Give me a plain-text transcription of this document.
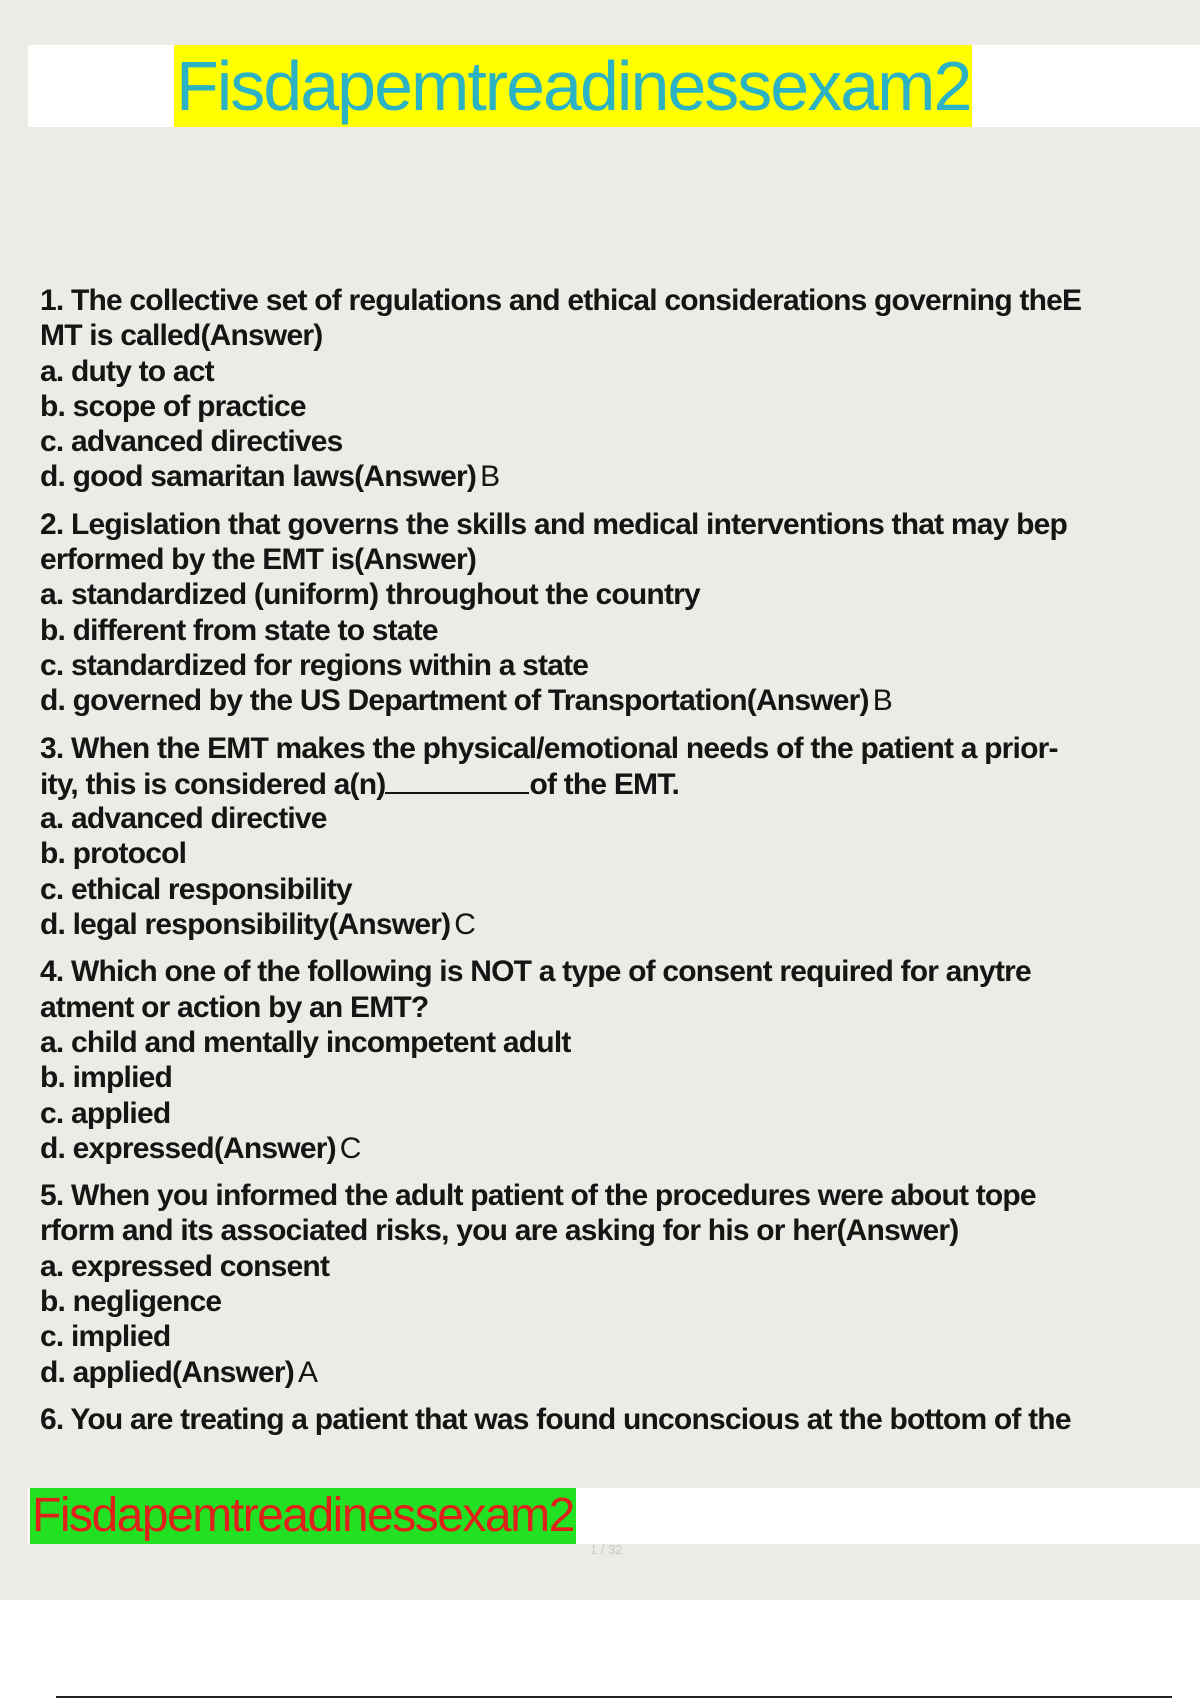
Fisdapemtreadinessexam2
1. The collective set of regulations and ethical considerations governing theE
MT is called(Answer)
a. duty to act
b. scope of practice
c. advanced directives
d. good samaritan laws(Answer) B
2. Legislation that governs the skills and medical interventions that may bep
erformed by the EMT is(Answer)
a. standardized (uniform) throughout the country
b. different from state to state
c. standardized for regions within a state
d. governed by the US Department of Transportation(Answer) B
3. When the EMT makes the physical/emotional needs of the patient a prior-
ity, this is considered a(n)	of the EMT.
a. advanced directive
b. protocol
c. ethical responsibility
d. legal responsibility(Answer) C
4. Which one of the following is NOT a type of consent required for anytre
atment or action by an EMT?
a. child and mentally incompetent adult
b. implied
c. applied
d. expressed(Answer) C
5. When you informed the adult patient of the procedures were about tope
rform and its associated risks, you are asking for his or her(Answer)
a. expressed consent
b. negligence
c. implied
d. applied(Answer) A
6. You are treating a patient that was found unconscious at the bottom of the
Fisdapemtreadinessexam2
1 / 32
